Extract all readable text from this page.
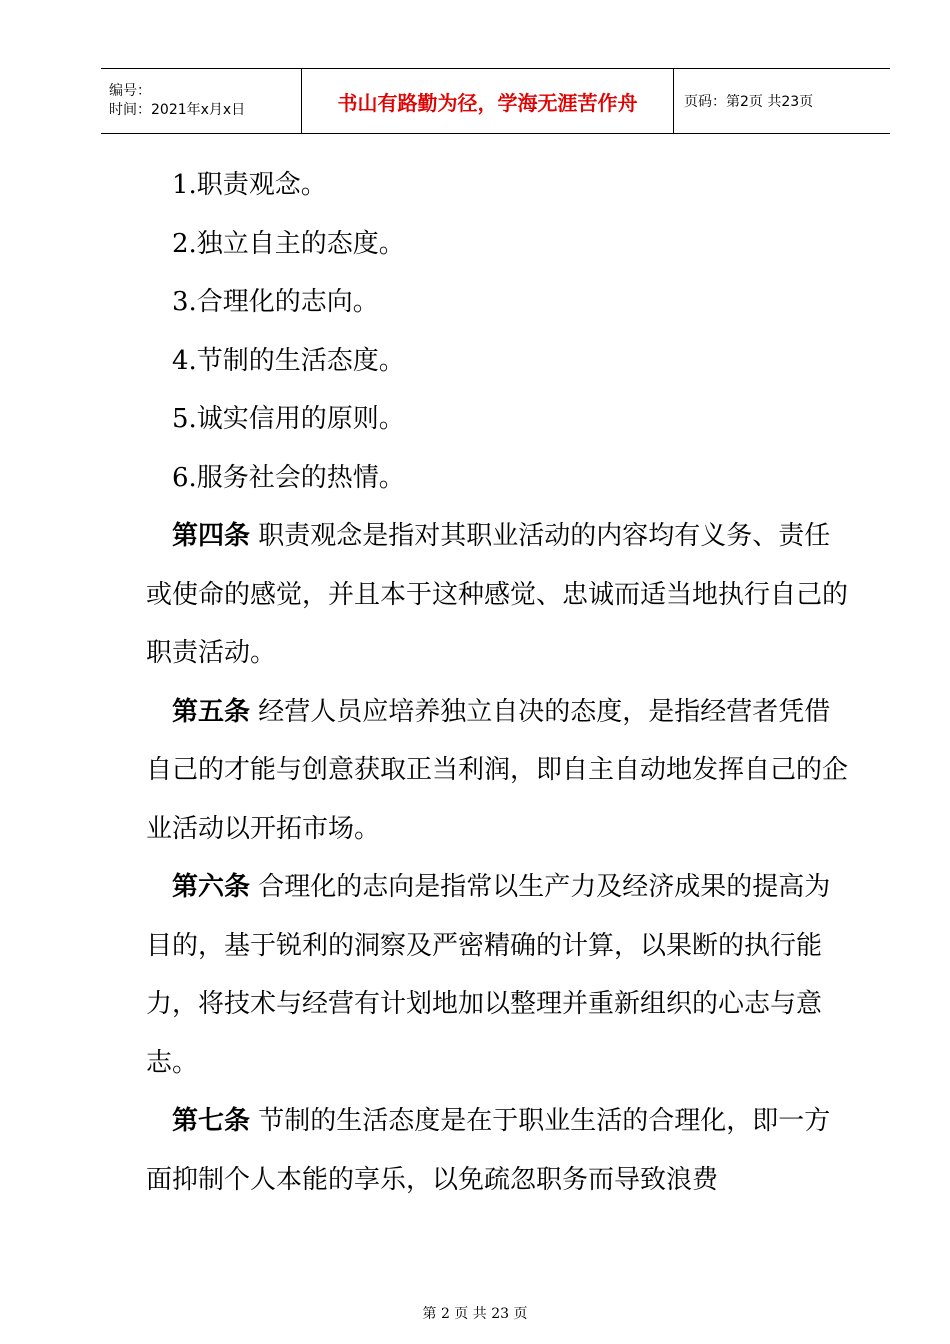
编号：
时间：2021年x月x日	书山有路勤为径，学海无涯苦作舟	页码：第2页 共23页

1.职责观念。

2.独立自主的态度。

3.合理化的志向。

4.节制的生活态度。

5.诚实信用的原则。

6.服务社会的热情。

第四条 职责观念是指对其职业活动的内容均有义务、责任或使命的感觉，并且本于这种感觉、忠诚而适当地执行自己的职责活动。

第五条 经营人员应培养独立自决的态度，是指经营者凭借自己的才能与创意获取正当利润，即自主自动地发挥自己的企业活动以开拓市场。

第六条 合理化的志向是指常以生产力及经济成果的提高为目的，基于锐利的洞察及严密精确的计算，以果断的执行能力，将技术与经营有计划地加以整理并重新组织的心志与意志。

第七条 节制的生活态度是在于职业生活的合理化，即一方面抑制个人本能的享乐，以免疏忽职务而导致浪费

第 2 页 共 23 页
